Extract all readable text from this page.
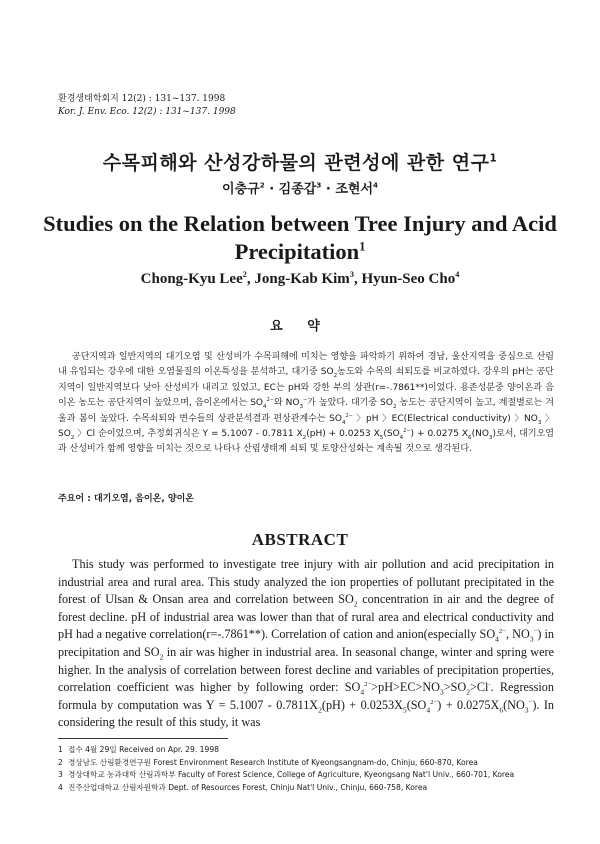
환경생태학회지 12(2) : 131~137. 1998
Kor. J. Env. Eco. 12(2) : 131~137. 1998
수목피해와 산성강하물의 관련성에 관한 연구$^1$
이충규$^2$ · 김종갑$^3$ · 조현서$^4$
Studies on the Relation between Tree Injury and Acid
Precipitation$^1$
Chong-Kyu Lee$^2$, Jong-Kab Kim$^3$, Hyun-Seo Cho$^4$
요 약

공단지역과 일반지역의 대기오염 및 산성비가 수목피해에 미치는 영향을 파악하기 위하여 경남, 울산지역을 중심으로 산림내 유입되는 강우에 대한 오염물질의 이온특성을 분석하고, 대기중 $SO_2$농도와 수목의 쇠퇴도를 비교하였다. 강우의 pH는 공단지역이 일반지역보다 낮아 산성비가 내리고 있었고, EC는 pH와 강한 부의 상관(r=-.7861**)이었다. 용존성분중 양이온과 음이온 농도는 공단지역이 높았으며, 음이온에서는 $SO_4^{2-}$와 $NO_3^-$가 높았다. 대기중 $SO_2$ 농도는 공단지역이 높고, 계절별로는 겨울과 봄이 높았다. 수목쇠퇴와 변수들의 상관분석결과 편상관계수는 $SO_4^{2-}$ 〉pH 〉EC(Electrical conductivity) 〉$NO_3$ 〉$SO_2$ 〉Cl 순이었으며, 추정회귀식은 Y = 5.1007 - 0.7811 $X_2(pH) + 0.0253$ $X_5(SO_4^{2-}) + 0.0275$ $X_6(NO_3)$로서, 대기오염과 산성비가 함께 영향을 미치는 것으로 나타나 산림생태계 쇠퇴 및 토양산성화는 계속될 것으로 생각된다.

주요어 : 대기오염, 음이온, 양이온
ABSTRACT

This study was performed to investigate tree injury with air pollution and acid precipitation in industrial area and rural area. This study analyzed the ion properties of pollutant precipitated in the forest of Ulsan & Onsan area and correlation between $SO_2$ concentration in air and the degree of forest decline. pH of industrial area was lower than that of rural area and electrical conductivity and pH had a negative correlation(r=-.7861**). Correlation of cation and anion(especially $SO_4^{2-}$, $NO_3^-$) in precipitation and $SO_2$ in air was higher in industrial area. In seasonal change, winter and spring were higher. In the analysis of correlation between forest decline and variables of precipitation properties, correlation coefficient was higher by following order: $SO_4^{2-}>pH>EC>NO_3>SO_2>Cl^-$. Regression formula by computation was $Y = 5.1007 - 0.7811X_2(pH) + 0.0253X_5(SO_4^{2-}) + 0.0275X_6(NO_3^-)$. In considering the result of this study, it was

1 접수 4월 29일 Received on Apr. 29. 1998
2 경상남도 산림환경연구원 Forest Environment Research Institute of Kyeongsangnam-do, Chinju, 660-870, Korea
3 경상대학교 농과대학 산림과학부 Faculty of Forest Science, College of Agriculture, Kyeongsang Nat'l Univ., 660-701, Korea
4 진주산업대학교 산림자원학과 Dept. of Resources Forest, Chinju Nat'l Univ., Chinju, 660-758, Korea
